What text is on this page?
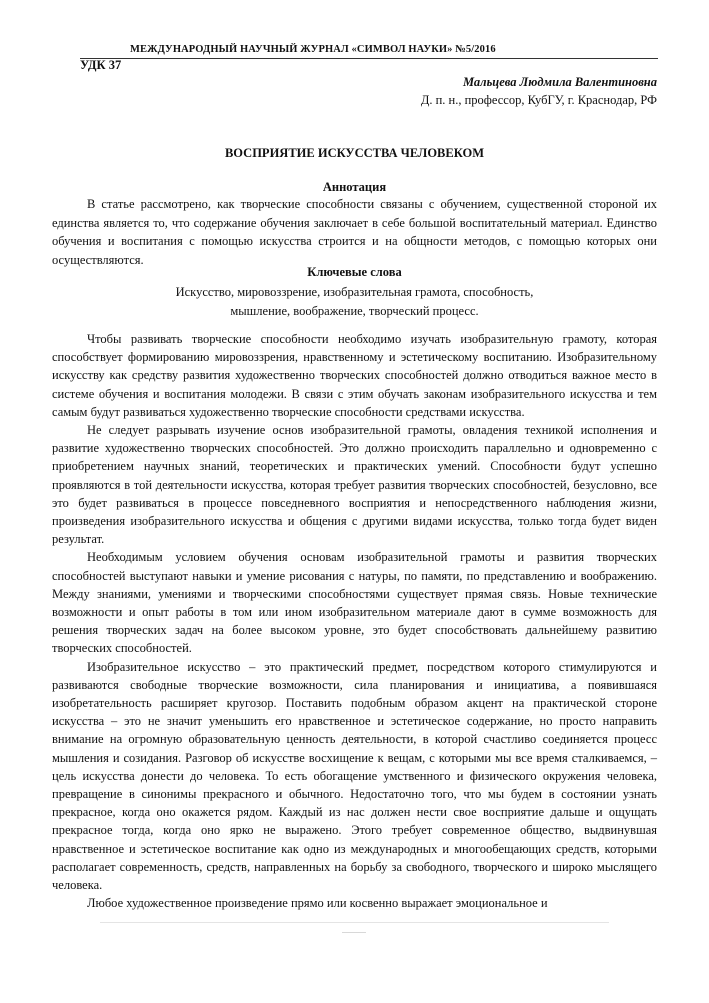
МЕЖДУНАРОДНЫЙ НАУЧНЫЙ ЖУРНАЛ «СИМВОЛ НАУКИ» №5/2016
УДК 37
Мальцева Людмила Валентиновна
Д. п. н., профессор, КубГУ, г. Краснодар, РФ
ВОСПРИЯТИЕ ИСКУССТВА ЧЕЛОВЕКОМ
Аннотация

В статье рассмотрено, как творческие способности связаны с обучением, существенной стороной их единства является то, что содержание обучения заключает в себе большой воспитательный материал. Единство обучения и воспитания с помощью искусства строится и на общности методов, с помощью которых они осуществляются.

Ключевые слова
Искусство, мировоззрение, изобразительная грамота, способность,
мышление, воображение, творческий процесс.

Чтобы развивать творческие способности необходимо изучать изобразительную грамоту, которая способствует формированию мировоззрения, нравственному и эстетическому воспитанию. Изобразительному искусству как средству развития художественно творческих способностей должно отводиться важное место в системе обучения и воспитания молодежи. В связи с этим обучать законам изобразительного искусства и тем самым будут развиваться художественно творческие способности средствами искусства.

Не следует разрывать изучение основ изобразительной грамоты, овладения техникой исполнения и развитие художественно творческих способностей. Это должно происходить параллельно и одновременно с приобретением научных знаний, теоретических и практических умений. Способности будут успешно проявляются в той деятельности искусства, которая требует развития творческих способностей, безусловно, все это будет развиваться в процессе повседневного восприятия и непосредственного наблюдения жизни, произведения изобразительного искусства и общения с другими видами искусства, только тогда будет виден результат.

Необходимым условием обучения основам изобразительной грамоты и развития творческих способностей выступают навыки и умение рисования с натуры, по памяти, по представлению и воображению. Между знаниями, умениями и творческими способностями существует прямая связь. Новые технические возможности и опыт работы в том или ином изобразительном материале дают в сумме возможность для решения творческих задач на более высоком уровне, это будет способствовать дальнейшему развитию творческих способностей.

Изобразительное искусство – это практический предмет, посредством которого стимулируются и развиваются свободные творческие возможности, сила планирования и инициатива, а появившаяся изобретательность расширяет кругозор. Поставить подобным образом акцент на практической стороне искусства – это не значит уменьшить его нравственное и эстетическое содержание, но просто направить внимание на огромную образовательную ценность деятельности, в которой счастливо соединяется процесс мышления и созидания. Разговор об искусстве восхищение к вещам, с которыми мы все время сталкиваемся, – цель искусства донести до человека. То есть обогащение умственного и физического окружения человека, превращение в синонимы прекрасного и обычного. Недостаточно того, что мы будем в состоянии узнать прекрасное, когда оно окажется рядом. Каждый из нас должен нести свое восприятие дальше и ощущать прекрасное тогда, когда оно ярко не выражено. Этого требует современное общество, выдвинувшая нравственное и эстетическое воспитание как одно из международных и многообещающих средств, которыми располагает современность, средств, направленных на борьбу за свободного, творческого и широко мыслящего человека.

Любое художественное произведение прямо или косвенно выражает эмоциональное и
